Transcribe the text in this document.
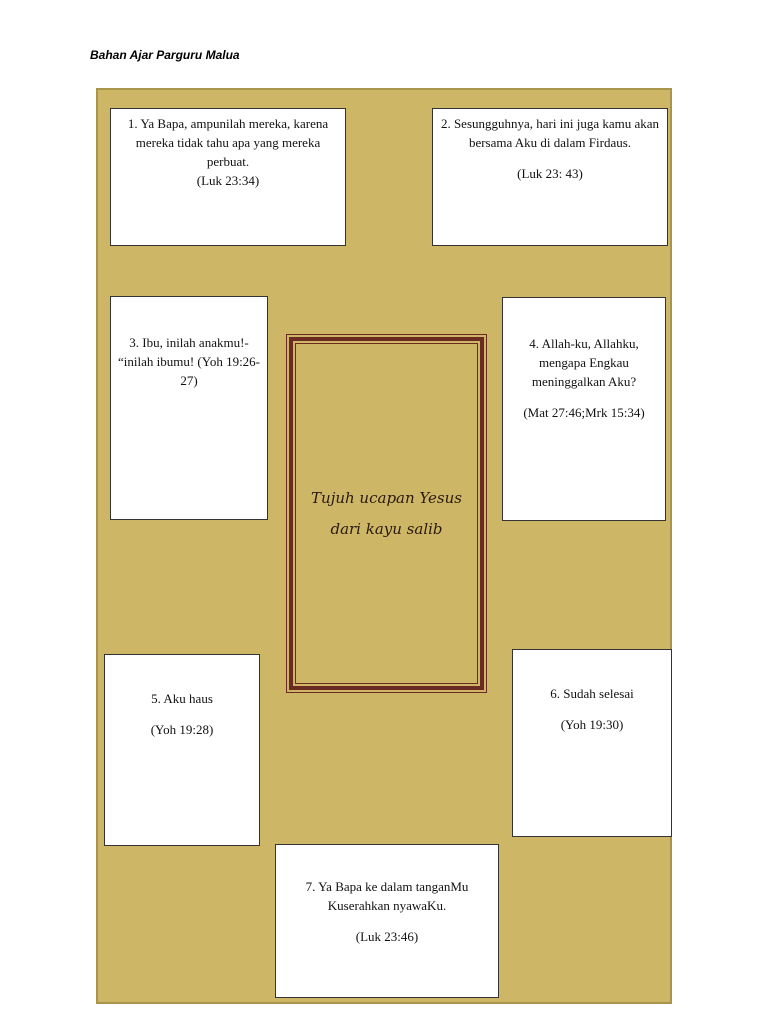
Bahan Ajar Parguru Malua

1. Ya Bapa, ampunilah mereka, karena mereka tidak tahu apa yang mereka perbuat.

(Luk 23:34)

2. Sesungguhnya, hari ini juga kamu akan bersama Aku di dalam Firdaus.

(Luk 23: 43)

3. Ibu, inilah anakmu!- “inilah ibumu! (Yoh 19:26-27)

4. Allah-ku, Allahku, mengapa Engkau meninggalkan Aku?

(Mat 27:46;Mrk 15:34)

Tujuh ucapan Yesus
dari kayu salib

5. Aku haus

(Yoh 19:28)

6. Sudah selesai

(Yoh 19:30)

7. Ya Bapa ke dalam tanganMu Kuserahkan nyawaKu.

(Luk 23:46)
